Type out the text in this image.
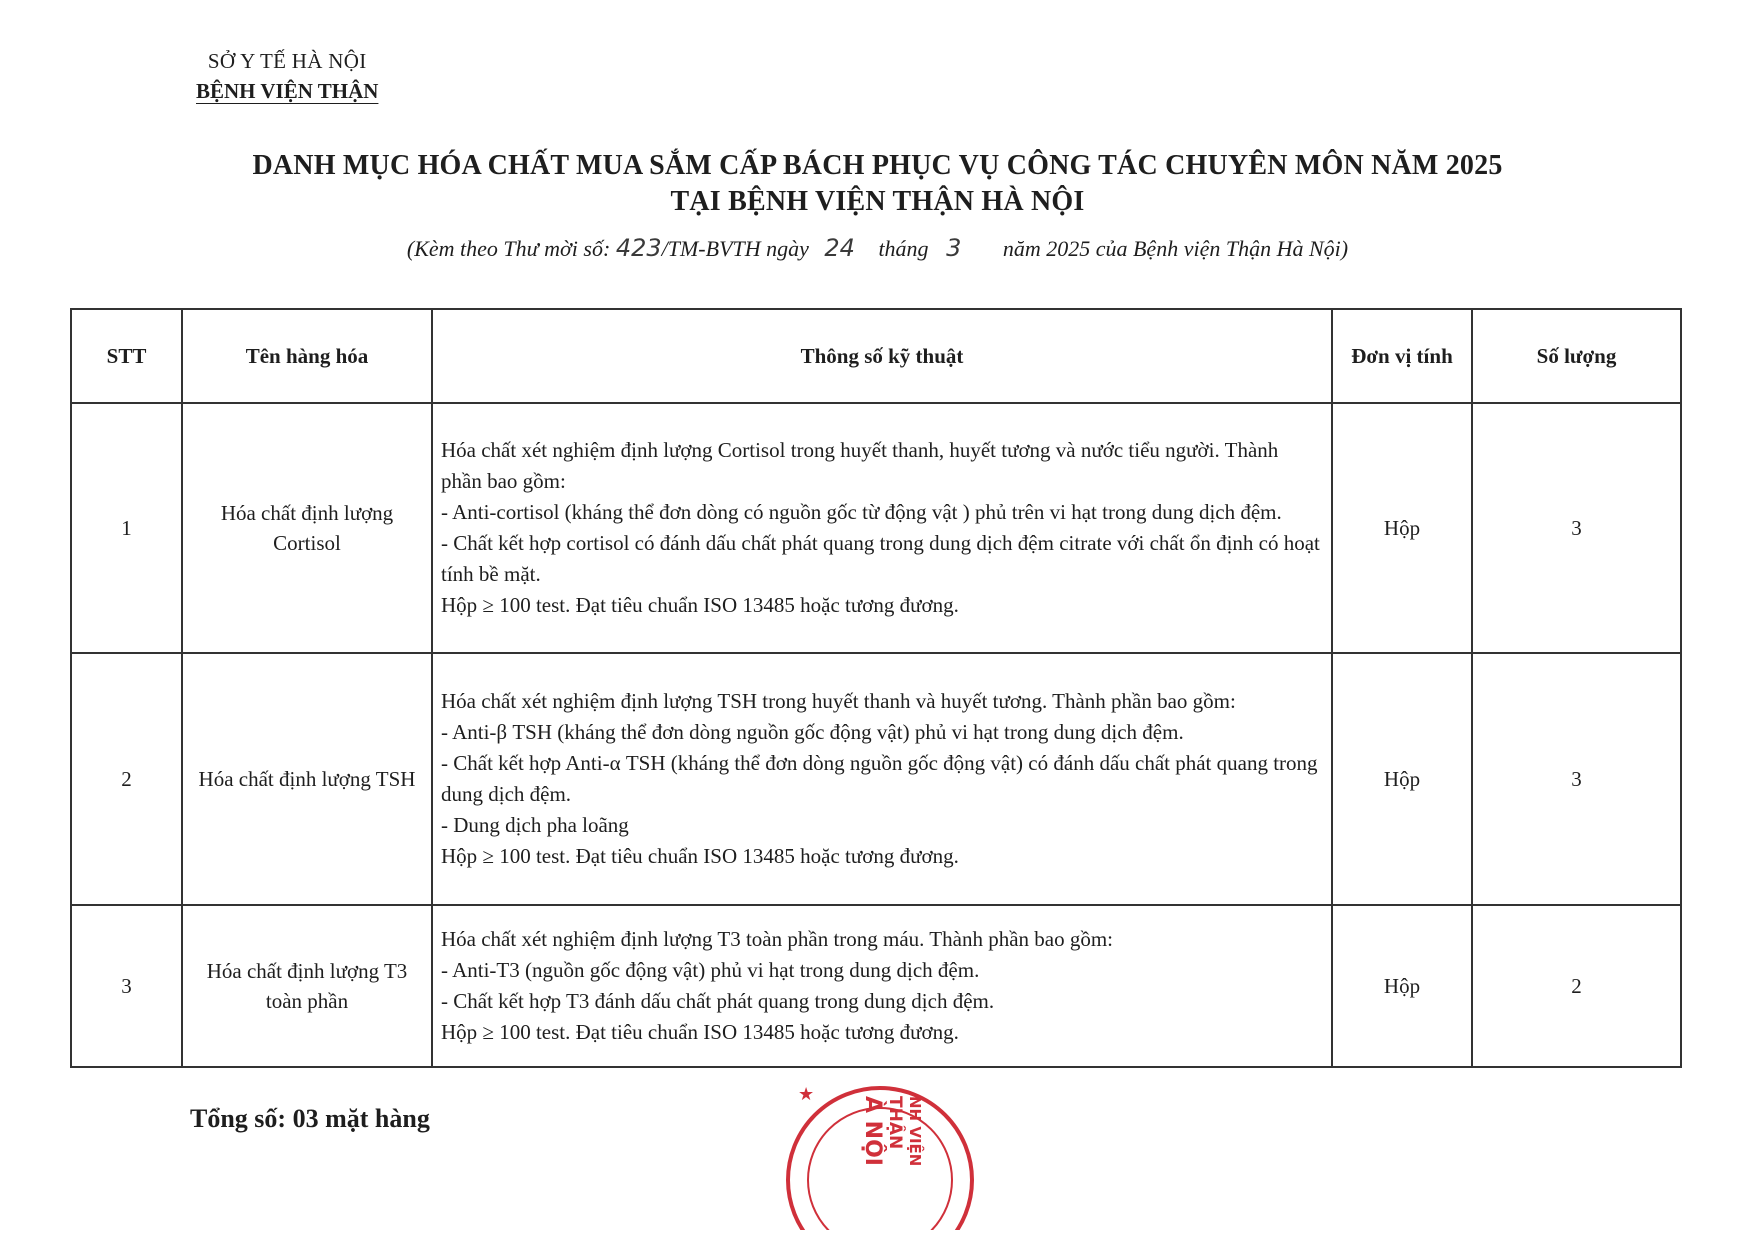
SỞ Y TẾ HÀ NỘI
BỆNH VIỆN THẬN
DANH MỤC HÓA CHẤT MUA SẮM CẤP BÁCH PHỤC VỤ CÔNG TÁC CHUYÊN MÔN NĂM 2025
TẠI BỆNH VIỆN THẬN HÀ NỘI
(Kèm theo Thư mời số: 423/TM-BVTH ngày 24 tháng 3 năm 2025 của Bệnh viện Thận Hà Nội)
STT	Tên hàng hóa	Thông số kỹ thuật	Đơn vị tính	Số lượng
1	Hóa chất định lượng Cortisol	Hóa chất xét nghiệm định lượng Cortisol trong huyết thanh, huyết tương và nước tiểu người. Thành phần bao gồm:
- Anti-cortisol (kháng thể đơn dòng có nguồn gốc từ động vật ) phủ trên vi hạt trong dung dịch đệm.
- Chất kết hợp cortisol có đánh dấu chất phát quang trong dung dịch đệm citrate với chất ổn định có hoạt tính bề mặt.
Hộp ≥ 100 test. Đạt tiêu chuẩn ISO 13485 hoặc tương đương.	Hộp	3
2	Hóa chất định lượng TSH	Hóa chất xét nghiệm định lượng TSH trong huyết thanh và huyết tương. Thành phần bao gồm:
- Anti-β TSH (kháng thể đơn dòng nguồn gốc động vật) phủ vi hạt trong dung dịch đệm.
- Chất kết hợp Anti-α TSH (kháng thể đơn dòng nguồn gốc động vật) có đánh dấu chất phát quang trong dung dịch đệm.
- Dung dịch pha loãng
Hộp ≥ 100 test. Đạt tiêu chuẩn ISO 13485 hoặc tương đương.	Hộp	3
3	Hóa chất định lượng T3 toàn phần	Hóa chất xét nghiệm định lượng T3 toàn phần trong máu. Thành phần bao gồm:
- Anti-T3 (nguồn gốc động vật) phủ vi hạt trong dung dịch đệm.
- Chất kết hợp T3 đánh dấu chất phát quang trong dung dịch đệm.
Hộp ≥ 100 test. Đạt tiêu chuẩn ISO 13485 hoặc tương đương.	Hộp	2
Tổng số: 03 mặt hàng
★
NH VIỆN
THẬN
À NỘI
